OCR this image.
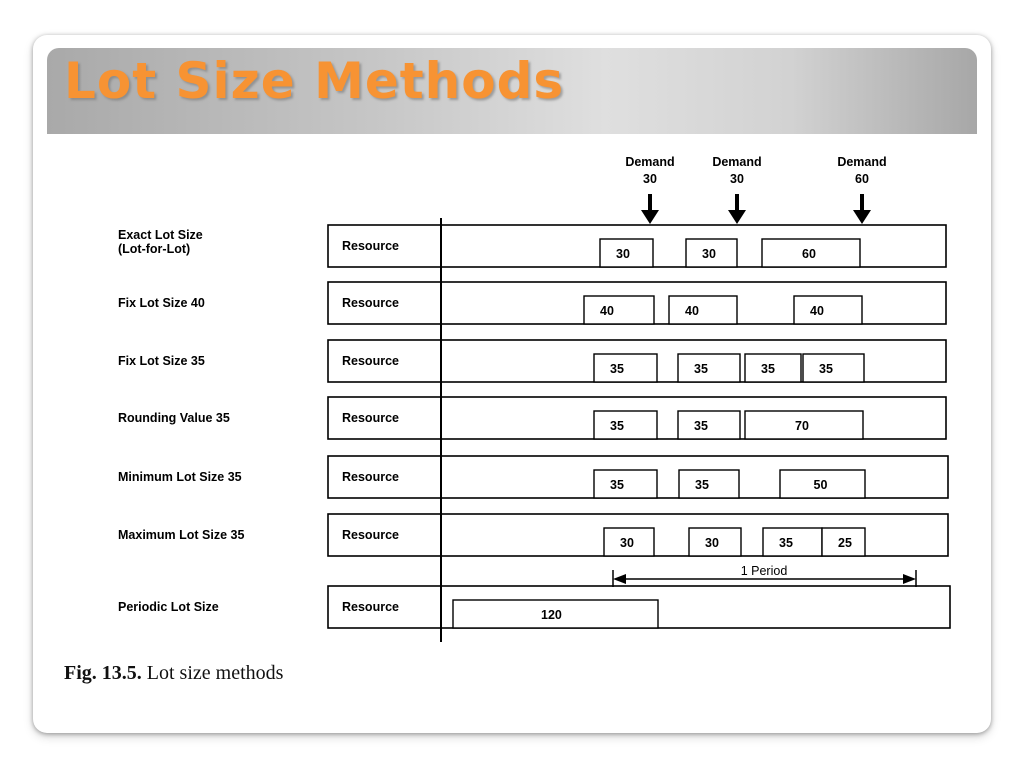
Lot Size Methods
Exact Lot Size
(Lot-for-Lot)	Resource
30	30	60
Fix Lot Size 40	Resource
40	40	40
Fix Lot Size 35	Resource
35	35	35	35
Rounding Value 35	Resource
35	35	70
Minimum Lot Size 35	Resource
35	35	50
Maximum Lot Size 35	Resource
30	30	35	25
Periodic Lot Size	Resource
120
Demand
30
Demand
30
Demand
60
1 Period
Fig. 13.5. Lot size methods
